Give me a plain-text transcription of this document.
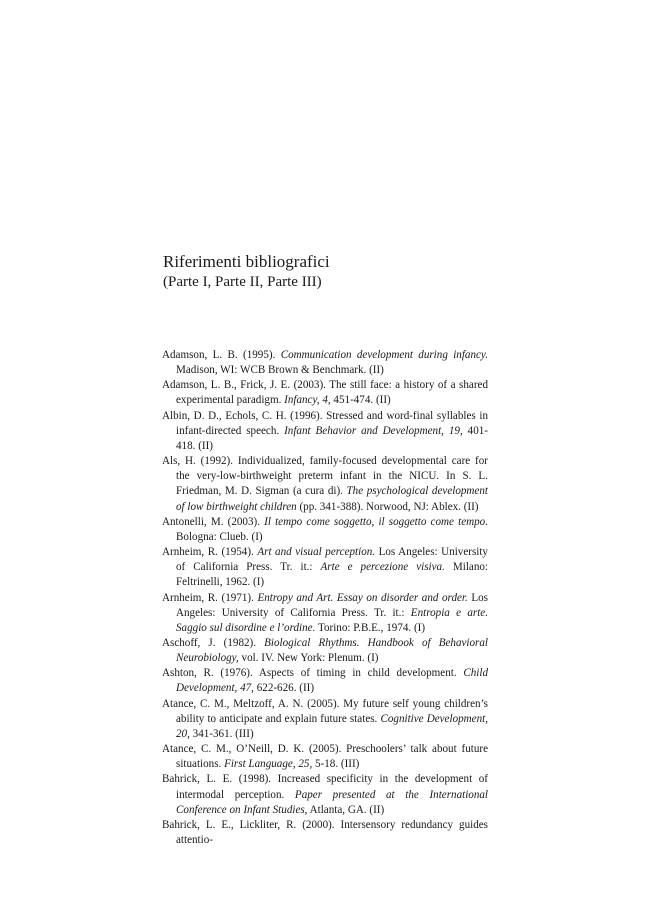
Riferimenti bibliografici
(Parte I, Parte II, Parte III)
Adamson, L. B. (1995). Communication development during infancy. Madison, WI: WCB Brown & Benchmark. (II)
Adamson, L. B., Frick, J. E. (2003). The still face: a history of a shared experimental paradigm. Infancy, 4, 451-474. (II)
Albin, D. D., Echols, C. H. (1996). Stressed and word-final syllables in infant-directed speech. Infant Behavior and Development, 19, 401-418. (II)
Als, H. (1992). Individualized, family-focused developmental care for the very-low-birthweight preterm infant in the NICU. In S. L. Friedman, M. D. Sigman (a cura di). The psychological development of low birthweight children (pp. 341-388). Norwood, NJ: Ablex. (II)
Antonelli, M. (2003). Il tempo come soggetto, il soggetto come tempo. Bologna: Clueb. (I)
Arnheim, R. (1954). Art and visual perception. Los Angeles: University of California Press. Tr. it.: Arte e percezione visiva. Milano: Feltrinelli, 1962. (I)
Arnheim, R. (1971). Entropy and Art. Essay on disorder and order. Los Angeles: University of California Press. Tr. it.: Entropia e arte. Saggio sul disordine e l’ordine. Torino: P.B.E., 1974. (I)
Aschoff, J. (1982). Biological Rhythms. Handbook of Behavioral Neurobiology, vol. IV. New York: Plenum. (I)
Ashton, R. (1976). Aspects of timing in child development. Child Development, 47, 622-626. (II)
Atance, C. M., Meltzoff, A. N. (2005). My future self young children’s ability to anticipate and explain future states. Cognitive Development, 20, 341-361. (III)
Atance, C. M., O’Neill, D. K. (2005). Preschoolers’ talk about future situations. First Language, 25, 5-18. (III)
Bahrick, L. E. (1998). Increased specificity in the development of intermodal perception. Paper presented at the International Conference on Infant Studies, Atlanta, GA. (II)
Bahrick, L. E., Lickliter, R. (2000). Intersensory redundancy guides attentio-
